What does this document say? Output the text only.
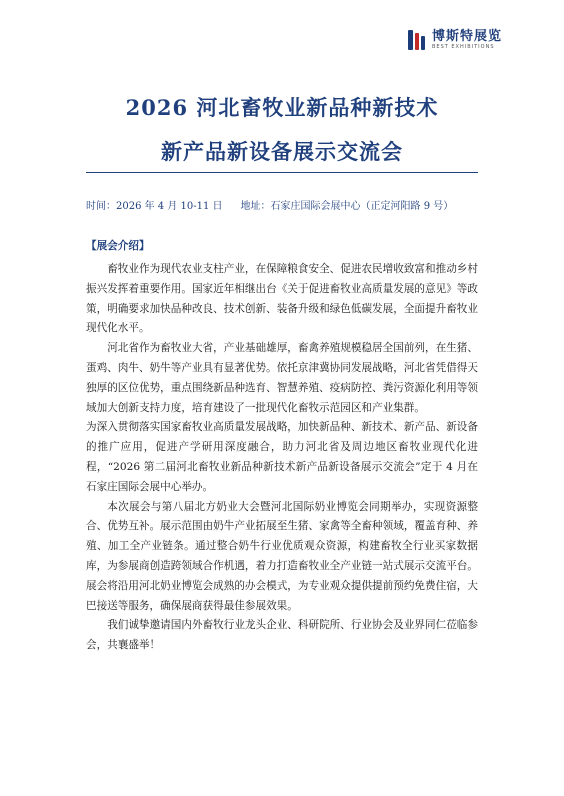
博斯特展览
BEST EXHIBITIONS
2026 河北畜牧业新品种新技术
新产品新设备展示交流会
时间：2026 年 4 月 10-11 日 地址：石家庄国际会展中心（正定河阳路 9 号）
【展会介绍】

畜牧业作为现代农业支柱产业，在保障粮食安全、促进农民增收致富和推动乡村振兴发挥着重要作用。国家近年相继出台《关于促进畜牧业高质量发展的意见》等政策，明确要求加快品种改良、技术创新、装备升级和绿色低碳发展，全面提升畜牧业现代化水平。

河北省作为畜牧业大省，产业基础雄厚，畜禽养殖规模稳居全国前列，在生猪、蛋鸡、肉牛、奶牛等产业具有显著优势。依托京津冀协同发展战略，河北省凭借得天独厚的区位优势，重点围绕新品种选育、智慧养殖、疫病防控、粪污资源化利用等领域加大创新支持力度，培育建设了一批现代化畜牧示范园区和产业集群。

为深入贯彻落实国家畜牧业高质量发展战略，加快新品种、新技术、新产品、新设备的推广应用，促进产学研用深度融合，助力河北省及周边地区畜牧业现代化进程，“2026 第二届河北畜牧业新品种新技术新产品新设备展示交流会”定于 4 月在石家庄国际会展中心举办。

本次展会与第八届北方奶业大会暨河北国际奶业博览会同期举办，实现资源整合、优势互补。展示范围由奶牛产业拓展至生猪、家禽等全畜种领域，覆盖育种、养殖、加工全产业链条。通过整合奶牛行业优质观众资源，构建畜牧全行业买家数据库，为参展商创造跨领域合作机遇，着力打造畜牧业全产业链一站式展示交流平台。展会将沿用河北奶业博览会成熟的办会模式，为专业观众提供提前预约免费住宿，大巴接送等服务，确保展商获得最佳参展效果。

我们诚挚邀请国内外畜牧行业龙头企业、科研院所、行业协会及业界同仁莅临参会，共襄盛举！
